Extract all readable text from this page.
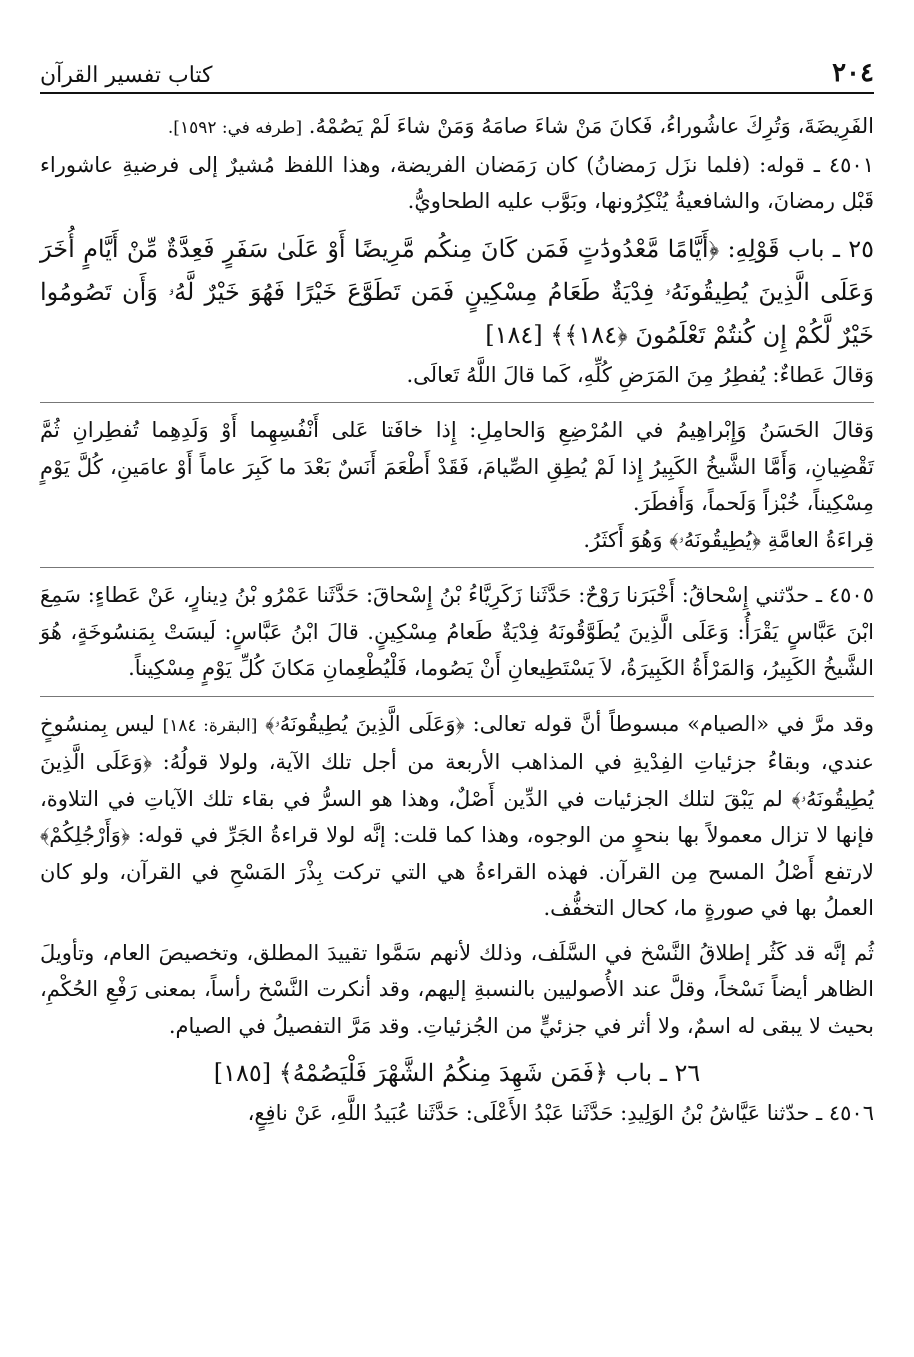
٢٠٤
كتاب تفسير القرآن

الفَرِيضَةَ، وَتُرِكَ عاشُوراءُ، فَكانَ مَنْ شاءَ صامَهُ وَمَنْ شاءَ لَمْ يَصُمْهُ. [طرفه في: ١٥٩٢].

٤٥٠١ ـ قوله: (فلما نزَل رَمضانُ) كان رَمَضان الفريضة، وهذا اللفظ مُشيرٌ إلى فرضيةِ عاشوراء قَبْل رمضانَ، والشافعيةُ يُنْكِرُونها، وبَوَّب عليه الطحاويُّ.

٢٥ ـ باب قَوْلِهِ: ﴿أَيَّامًا مَّعْدُودَٰتٍ فَمَن كَانَ مِنكُم مَّرِيضًا أَوْ عَلَىٰ سَفَرٍ فَعِدَّةٌ مِّنْ أَيَّامٍ أُخَرَ وَعَلَى الَّذِينَ يُطِيقُونَهُۥ فِدْيَةٌ طَعَامُ مِسْكِينٍ فَمَن تَطَوَّعَ خَيْرًا فَهُوَ خَيْرٌ لَّهُۥ وَأَن تَصُومُوا خَيْرٌ لَّكُمْ إِن كُنتُمْ تَعْلَمُونَ ﴿١٨٤﴾﴾ [١٨٤]

وَقالَ عَطاءٌ: يُفطِرُ مِنَ المَرَضِ كُلِّهِ، كَما قالَ اللَّهُ تَعالَى.

وَقالَ الحَسَنُ وَإِبْراهِيمُ في المُرْضِعِ وَالحامِلِ: إِذا خافَتا عَلى أَنْفُسِهِما أَوْ وَلَدِهِما تُفطِرانِ ثُمَّ تَقْضِيانِ، وَأَمَّا الشَّيخُ الكَبِيرُ إِذا لَمْ يُطِقِ الصِّيامَ، فَقَدْ أَطْعَمَ أَنَسٌ بَعْدَ ما كَبِرَ عاماً أَوْ عامَينِ، كُلَّ يَوْمٍ مِسْكِيناً، خُبْزاً وَلَحماً، وَأَفطَرَ.

قِراءَةُ العامَّةِ ﴿يُطِيقُونَهُۥ﴾ وَهُوَ أَكثَرُ.

٤٥٠٥ ـ حدّثني إِسْحاقُ: أَخْبَرَنا رَوْحٌ: حَدَّثَنا زَكَرِيَّاءُ بْنُ إِسْحاقَ: حَدَّثَنا عَمْرُو بْنُ دِينارٍ، عَنْ عَطاءٍ: سَمِعَ ابْنَ عَبَّاسٍ يَقْرَأُ: وَعَلَى الَّذِينَ يُطَوَّقُونَهُ فِدْيَةٌ طَعامُ مِسْكِينٍ. قالَ ابْنُ عَبَّاسٍ: لَيسَتْ بِمَنسُوخَةٍ، هُوَ الشَّيخُ الكَبِيرُ، وَالمَرْأَةُ الكَبِيرَةُ، لاَ يَسْتَطِيعانِ أَنْ يَصُوما، فَلْيُطْعِمانِ مَكانَ كُلِّ يَوْمٍ مِسْكِيناً.

وقد مرَّ في «الصيام» مبسوطاً أنَّ قوله تعالى: ﴿وَعَلَى الَّذِينَ يُطِيقُونَهُۥ﴾ [البقرة: ١٨٤] ليس بِمنسُوخٍ عندي، وبقاءُ جزئياتِ الفِدْيةِ في المذاهب الأربعة من أجل تلك الآية، ولولا قولُهُ: ﴿وَعَلَى الَّذِينَ يُطِيقُونَهُۥ﴾ لم يَبْقَ لتلك الجزئيات في الدِّين أَصْلٌ، وهذا هو السرُّ في بقاء تلك الآياتِ في التلاوة، فإنها لا تزال معمولاً بها بنحوٍ من الوجوه، وهذا كما قلت: إنَّه لولا قراءةُ الجَرِّ في قوله: ﴿وَأَرْجُلِكُمْ﴾ لارتفع أَصْلُ المسح مِن القرآن. فهذه القراءةُ هي التي تركت بِذْرَ المَسْحِ في القرآن، ولو كان العملُ بها في صورةٍ ما، كحال التخفُّف.

ثُم إنَّه قد كَثُر إطلاقُ النَّسْخ في السَّلَف، وذلك لأنهم سَمَّوا تقييدَ المطلق، وتخصيصَ العام، وتأويلَ الظاهر أيضاً نَسْخاً، وقلَّ عند الأُصوليين بالنسبةِ إليهم، وقد أنكرت النَّسْخ رأساً، بمعنى رَفْعِ الحُكْمِ، بحيث لا يبقى له اسمٌ، ولا أثر في جزئيٍّ من الجُزئياتِ. وقد مَرَّ التفصيلُ في الصيام.

٢٦ ـ باب ﴿فَمَن شَهِدَ مِنكُمُ الشَّهْرَ فَلْيَصُمْهُ﴾ [١٨٥]

٤٥٠٦ ـ حدّثنا عَيَّاشُ بْنُ الوَلِيدِ: حَدَّثَنا عَبْدُ الأَعْلَى: حَدَّثَنا عُبَيدُ اللَّهِ، عَنْ نافِعٍ،
